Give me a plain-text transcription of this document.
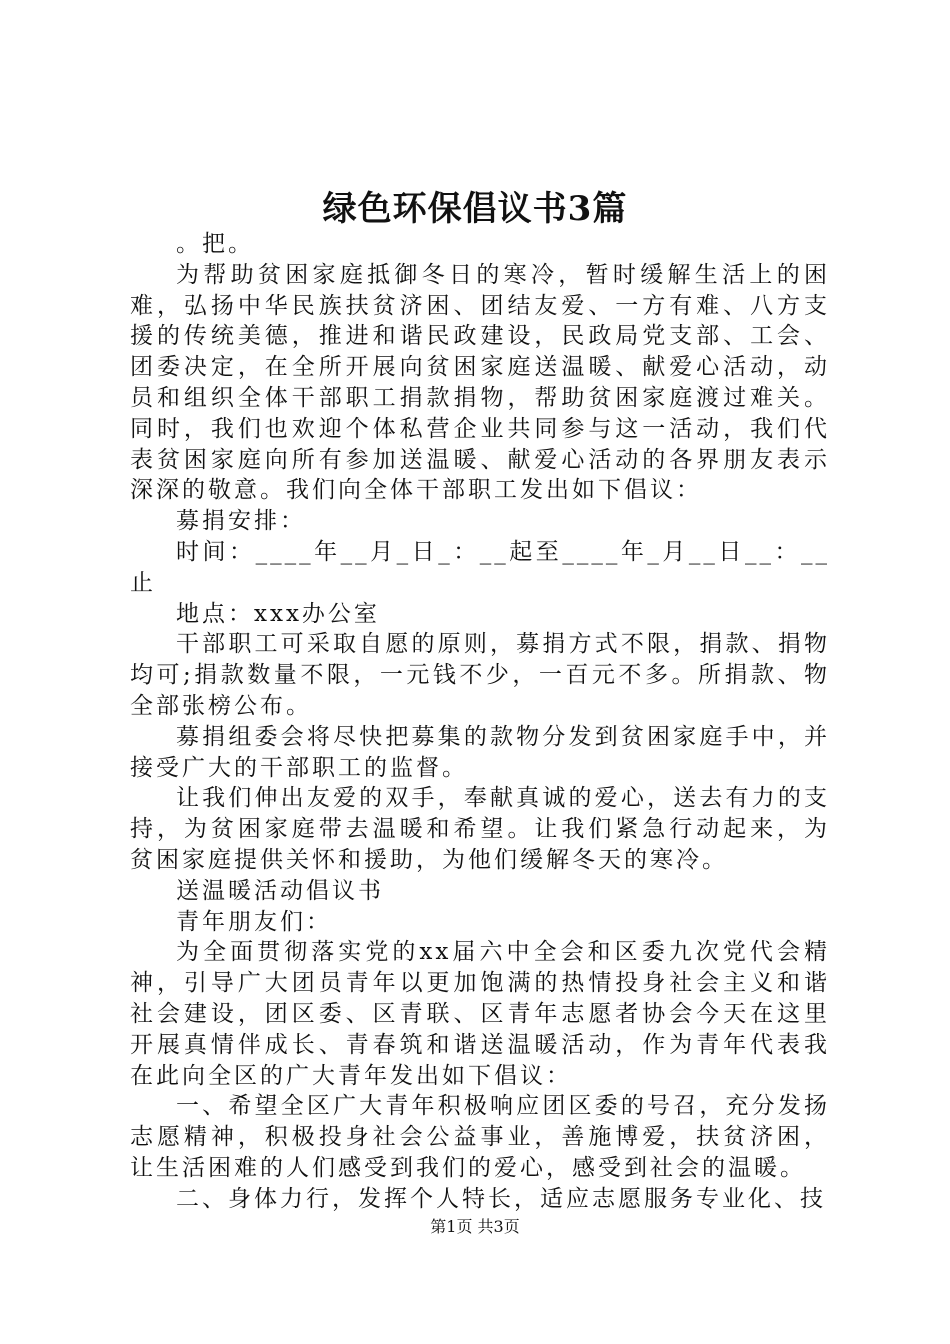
绿色环保倡议书3篇

。把。

为帮助贫困家庭抵御冬日的寒冷，暂时缓解生活上的困难，弘扬中华民族扶贫济困、团结友爱、一方有难、八方支援的传统美德，推进和谐民政建设，民政局党支部、工会、团委决定，在全所开展向贫困家庭送温暖、献爱心活动，动员和组织全体干部职工捐款捐物，帮助贫困家庭渡过难关。同时，我们也欢迎个体私营企业共同参与这一活动，我们代表贫困家庭向所有参加送温暖、献爱心活动的各界朋友表示深深的敬意。我们向全体干部职工发出如下倡议：

募捐安排：

时间：____年__月_日_：__起至____年_月__日__：__止

地点：xxx办公室

干部职工可采取自愿的原则，募捐方式不限，捐款、捐物均可;捐款数量不限，一元钱不少，一百元不多。所捐款、物全部张榜公布。

募捐组委会将尽快把募集的款物分发到贫困家庭手中，并接受广大的干部职工的监督。

让我们伸出友爱的双手，奉献真诚的爱心，送去有力的支持，为贫困家庭带去温暖和希望。让我们紧急行动起来，为贫困家庭提供关怀和援助，为他们缓解冬天的寒冷。

送温暖活动倡议书

青年朋友们：

为全面贯彻落实党的xx届六中全会和区委九次党代会精神，引导广大团员青年以更加饱满的热情投身社会主义和谐社会建设，团区委、区青联、区青年志愿者协会今天在这里开展真情伴成长、青春筑和谐送温暖活动，作为青年代表我在此向全区的广大青年发出如下倡议：

一、希望全区广大青年积极响应团区委的号召，充分发扬志愿精神，积极投身社会公益事业，善施博爱，扶贫济困，让生活困难的人们感受到我们的爱心，感受到社会的温暖。

二、身体力行，发挥个人特长，适应志愿服务专业化、技

第1页 共3页
